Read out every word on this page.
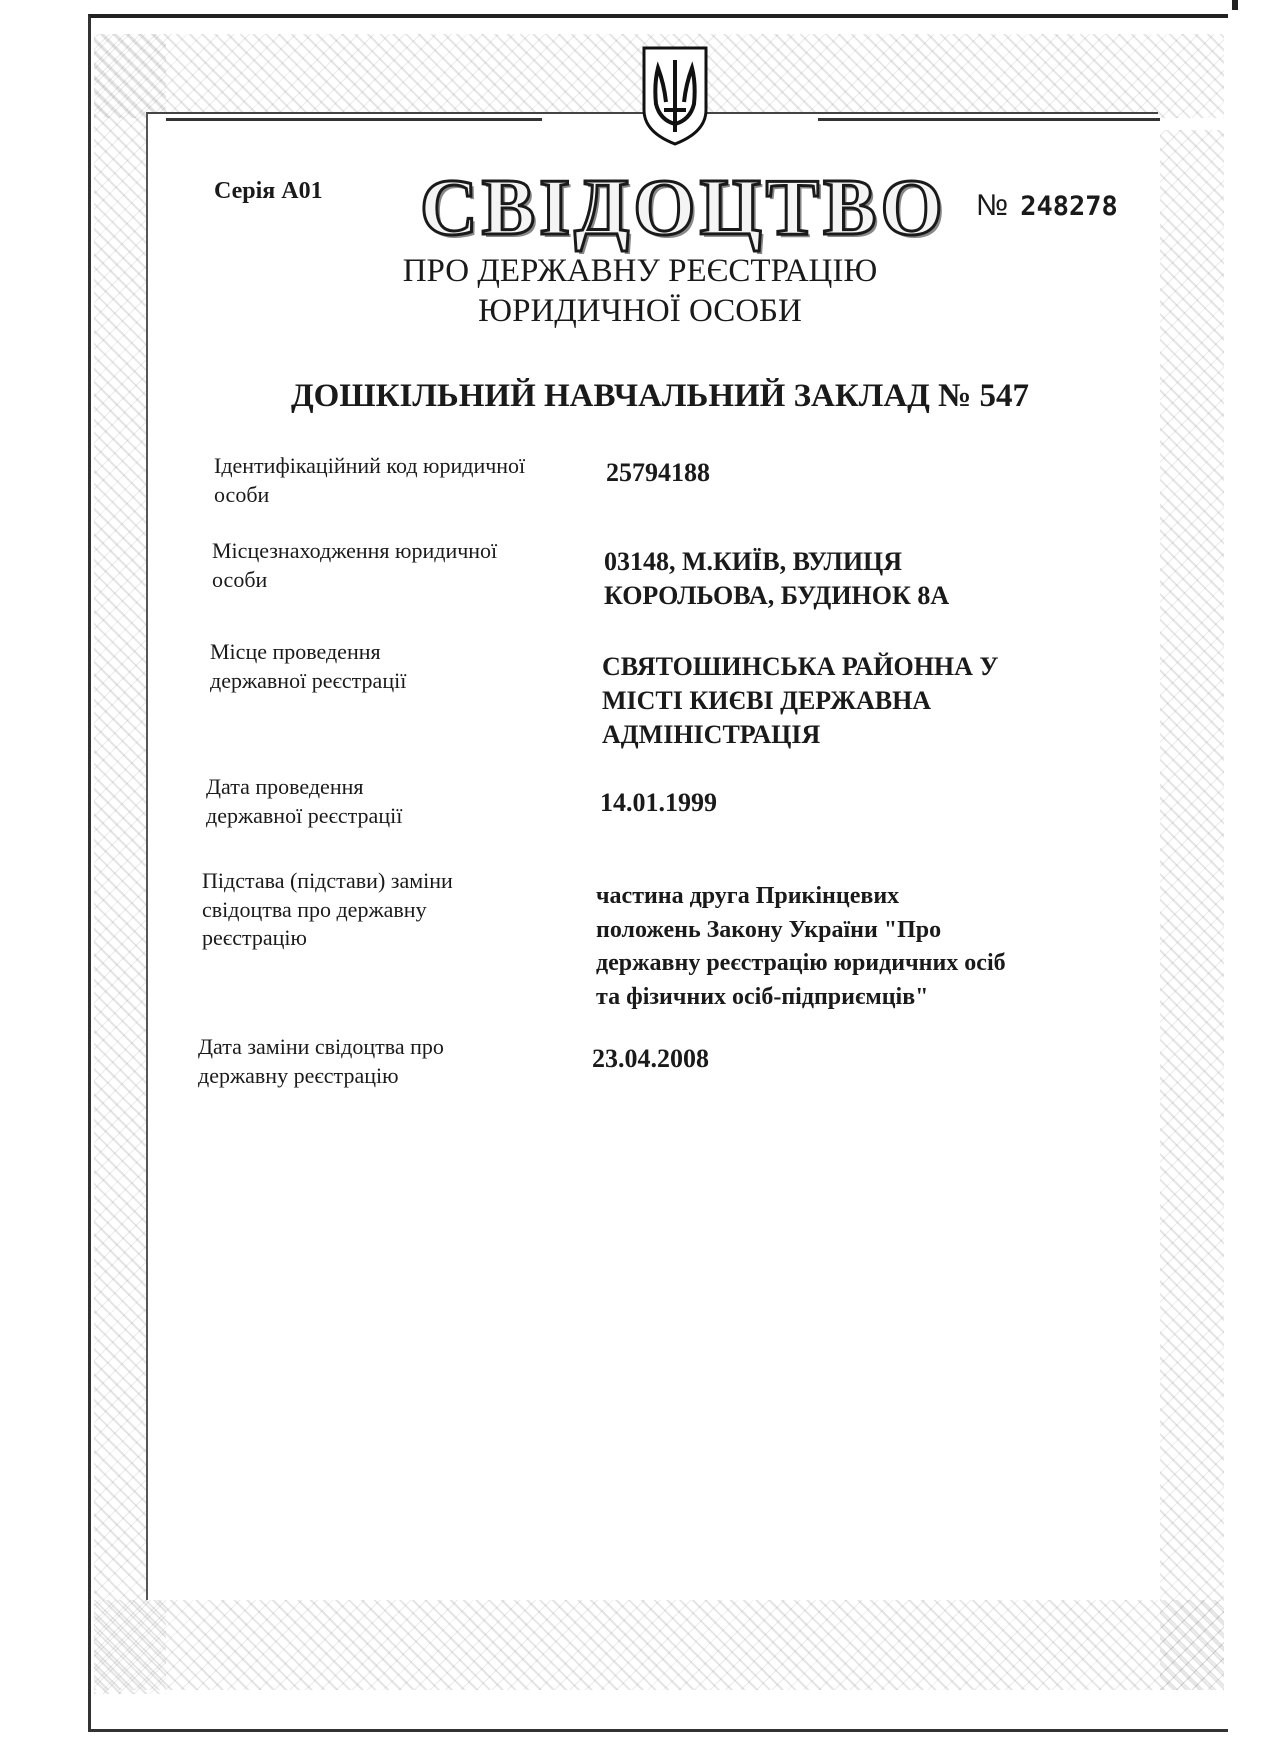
Серія А01 СВІДОЦТВО № 248278
ПРО ДЕРЖАВНУ РЕЄСТРАЦІЮ
ЮРИДИЧНОЇ ОСОБИ
ДОШКІЛЬНИЙ НАВЧАЛЬНИЙ ЗАКЛАД № 547
Ідентифікаційний код юридичної
особи
25794188
Місцезнаходження юридичної
особи
03148, М.КИЇВ, ВУЛИЦЯ
КОРОЛЬОВА, БУДИНОК 8А
Місце проведення
державної реєстрації	СВЯТОШИНСЬКА РАЙОННА У
МІСТІ КИЄВІ ДЕРЖАВНА
АДМІНІСТРАЦІЯ
Дата проведення
державної реєстрації	14.01.1999
Підстава (підстави) заміни
свідоцтва про державну
реєстрацію
частина друга Прикінцевих
положень Закону України "Про
державну реєстрацію юридичних осіб
та фізичних осіб-підприємців"
Дата заміни свідоцтва про
державну реєстрацію
23.04.2008
